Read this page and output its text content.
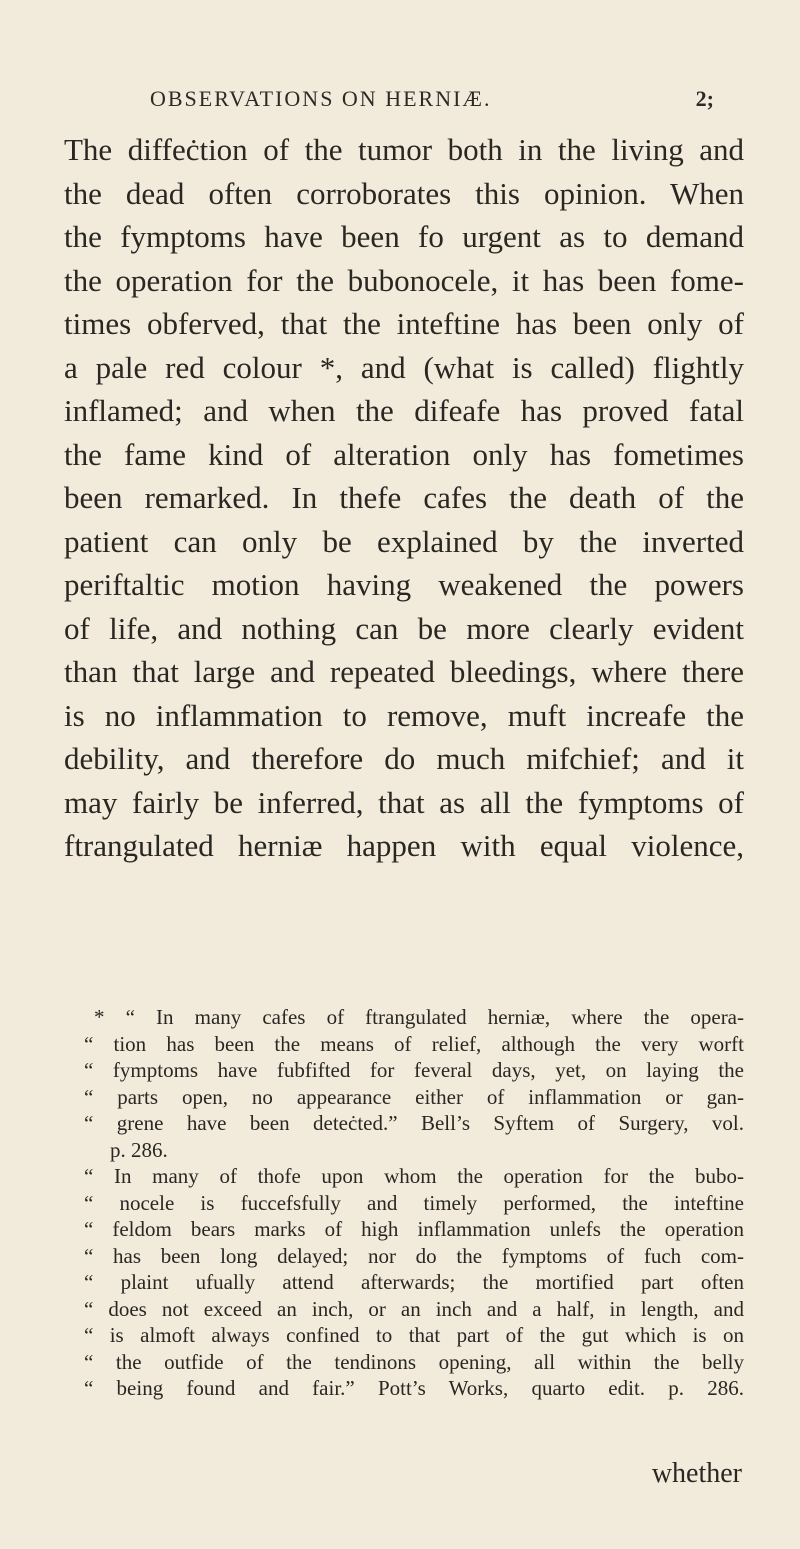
OBSERVATIONS ON HERNIÆ.	2;
The diffeċtion of the tumor both in the living and
the dead often corroborates this opinion. When
the fymptoms have been fo urgent as to demand
the operation for the bubonocele, it has been fome-
times obferved, that the inteftine has been only of
a pale red colour *, and (what is called) flightly
inflamed; and when the difeafe has proved fatal
the fame kind of alteration only has fometimes
been remarked. In thefe cafes the death of the
patient can only be explained by the inverted
periftaltic motion having weakened the powers
of life, and nothing can be more clearly evident
than that large and repeated bleedings, where there
is no inflammation to remove, muft increafe the
debility, and therefore do much mifchief; and it
may fairly be inferred, that as all the fymptoms of
ftrangulated herniæ happen with equal violence,
* “ In many cafes of ftrangulated herniæ, where the opera-
“ tion has been the means of relief, although the very worft
“ fymptoms have fubfifted for feveral days, yet, on laying the
“ parts open, no appearance either of inflammation or gan-
“ grene have been deteċted.” Bell’s Syftem of Surgery, vol.
p. 286.
“ In many of thofe upon whom the operation for the bubo-
“ nocele is fuccefsfully and timely performed, the inteftine
“ feldom bears marks of high inflammation unlefs the operation
“ has been long delayed; nor do the fymptoms of fuch com-
“ plaint ufually attend afterwards; the mortified part often
“ does not exceed an inch, or an inch and a half, in length, and
“ is almoft always confined to that part of the gut which is on
“ the outfide of the tendinons opening, all within the belly
“ being found and fair.” Pott’s Works, quarto edit. p. 286.
whether
